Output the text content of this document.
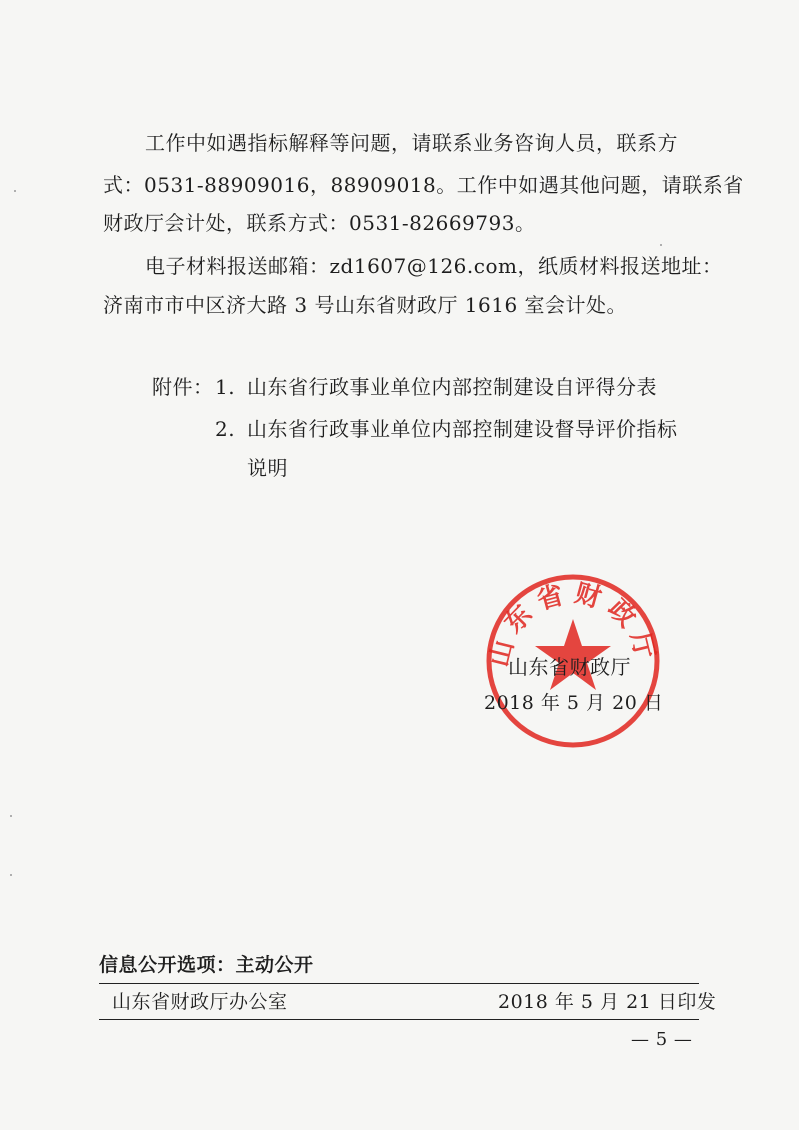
工作中如遇指标解释等问题，请联系业务咨询人员，联系方
式：0531-88909016，88909018。工作中如遇其他问题，请联系省
财政厅会计处，联系方式：0531-82669793。
电子材料报送邮箱：zd1607@126.com，纸质材料报送地址：
济南市市中区济大路 3 号山东省财政厅 1616 室会计处。
附件： 1. 山东省行政事业单位内部控制建设自评得分表
2. 山东省行政事业单位内部控制建设督导评价指标
说明
山东省财政厅
山东省财政厅
2018 年 5 月 20 日
信息公开选项：主动公开
山东省财政厅办公室	2018 年 5 月 21 日印发
— 5 —
